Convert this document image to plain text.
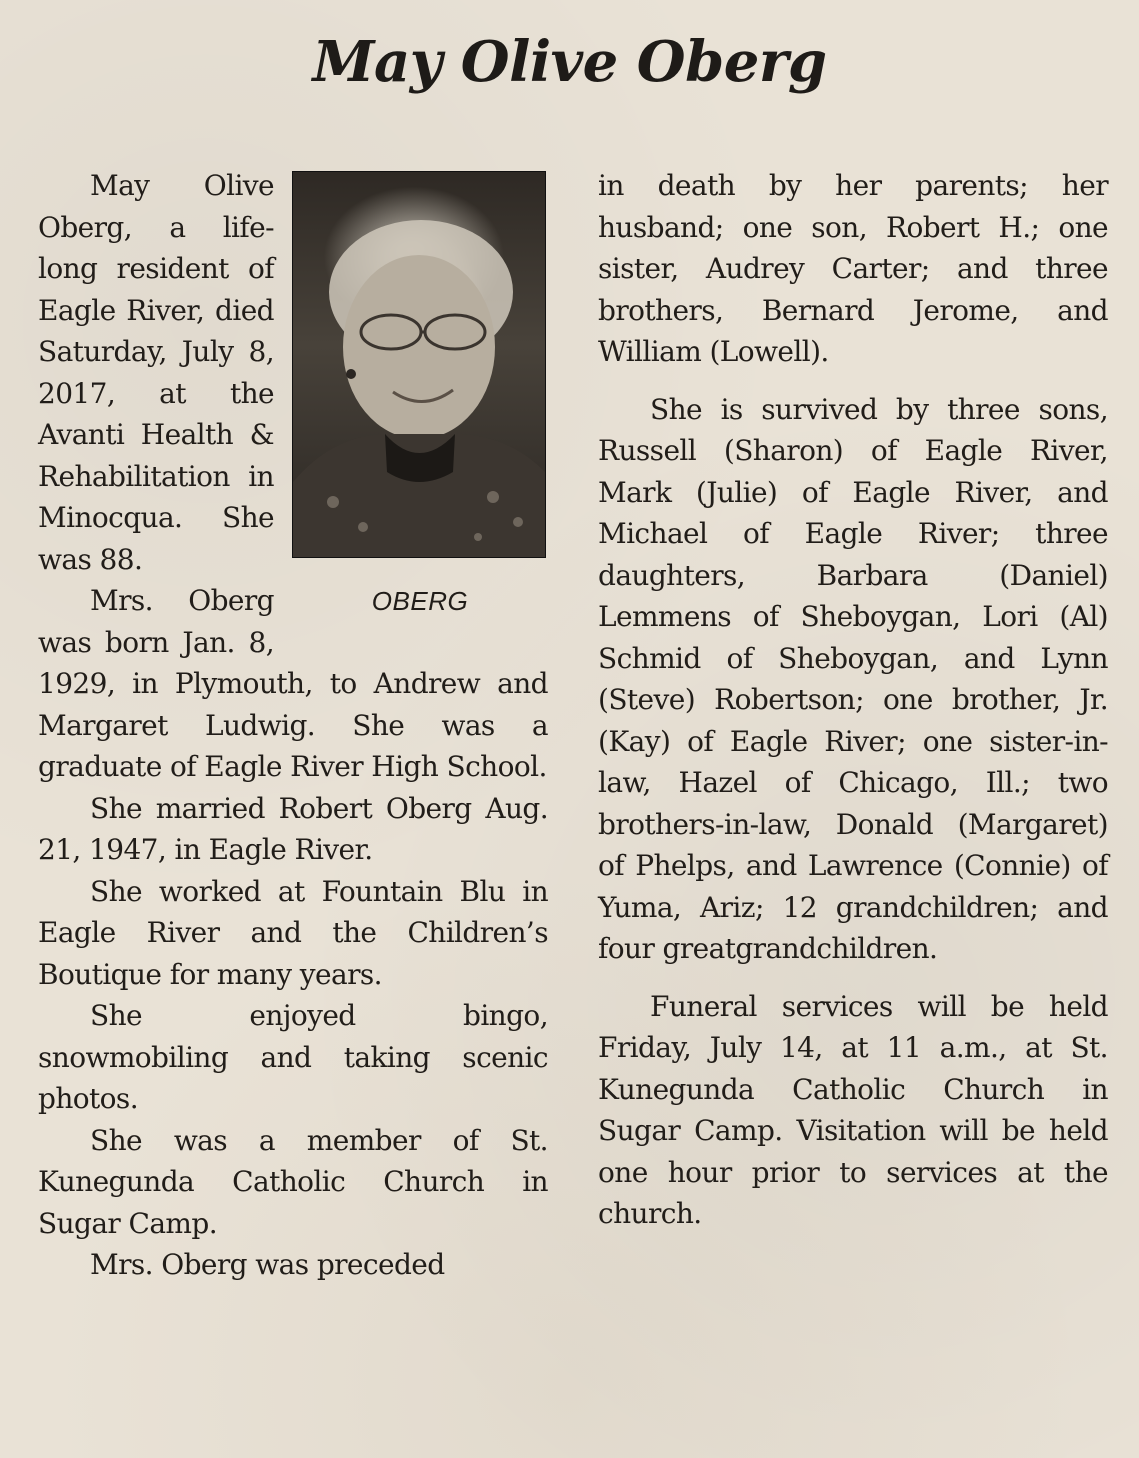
May Olive Oberg
OBERG

May Olive Oberg, a life-long resident of Eagle River, died Saturday, July 8, 2017, at the Avanti Health & Rehabilitation in Minocqua. She was 88.

Mrs. Oberg was born Jan. 8, 1929, in Plymouth, to Andrew and Margaret Ludwig. She was a graduate of Eagle River High School.

She married Robert Oberg Aug. 21, 1947, in Eagle River.

She worked at Fountain Blu in Eagle River and the Children’s Boutique for many years.

She enjoyed bingo, snowmobiling and taking scenic photos.

She was a member of St. Kunegunda Catholic Church in Sugar Camp.

Mrs. Oberg was preceded

in death by her parents; her husband; one son, Robert H.; one sister, Audrey Carter; and three brothers, Bernard Jerome, and William (Lowell).

She is survived by three sons, Russell (Sharon) of Eagle River, Mark (Julie) of Eagle River, and Michael of Eagle River; three daughters, Barbara (Daniel) Lemmens of Sheboygan, Lori (Al) Schmid of Sheboygan, and Lynn (Steve) Robertson; one brother, Jr. (Kay) of Eagle River; one sister-in-law, Hazel of Chicago, Ill.; two brothers-in-law, Donald (Margaret) of Phelps, and Lawrence (Connie) of Yuma, Ariz; 12 grandchildren; and four greatgrandchildren.

Funeral services will be held Friday, July 14, at 11 a.m., at St. Kunegunda Catholic Church in Sugar Camp. Visitation will be held one hour prior to services at the church.
